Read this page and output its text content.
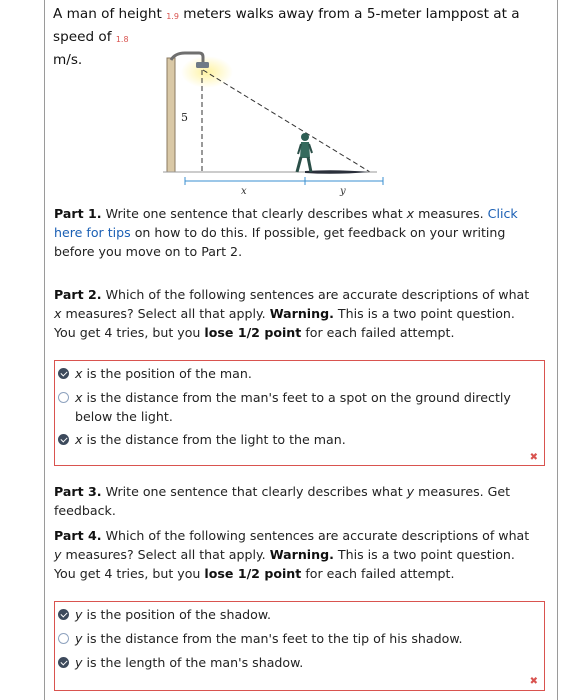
A man of height 1.9 meters walks away from a 5-meter lamppost at a speed of 1.8
m/s.
5
x	y
Part 1. Write one sentence that clearly describes what x measures. Click here for tips on how to do this. If possible, get feedback on your writing before you move on to Part 2.
Part 2. Which of the following sentences are accurate descriptions of what x measures? Select all that apply. Warning. This is a two point question. You get 4 tries, but you lose 1/2 point for each failed attempt.
x is the position of the man.
x is the distance from the man's feet to a spot on the ground directly below the light.
x is the distance from the light to the man.
✖
Part 3. Write one sentence that clearly describes what y measures. Get feedback.
Part 4. Which of the following sentences are accurate descriptions of what y measures? Select all that apply. Warning. This is a two point question. You get 4 tries, but you lose 1/2 point for each failed attempt.
y is the position of the shadow.
y is the distance from the man's feet to the tip of his shadow.
y is the length of the man's shadow.
✖
